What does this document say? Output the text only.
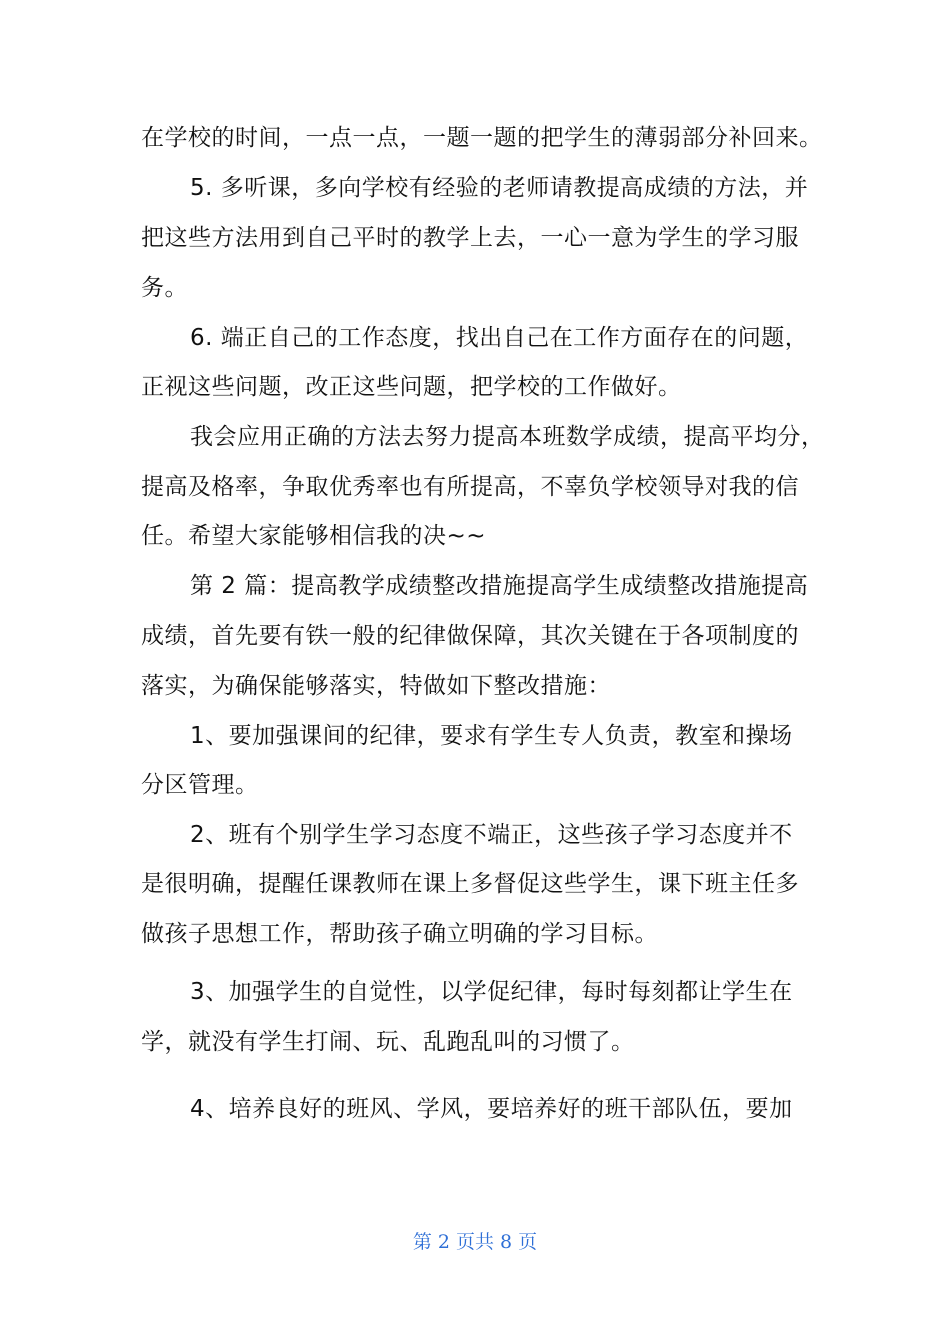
在学校的时间，一点一点，一题一题的把学生的薄弱部分补回来。
5. 多听课，多向学校有经验的老师请教提高成绩的方法，并
把这些方法用到自己平时的教学上去，一心一意为学生的学习服
务。
6. 端正自己的工作态度，找出自己在工作方面存在的问题，
正视这些问题，改正这些问题，把学校的工作做好。
我会应用正确的方法去努力提高本班数学成绩，提高平均分，
提高及格率，争取优秀率也有所提高，不辜负学校领导对我的信
任。希望大家能够相信我的决~~
第 2 篇：提高教学成绩整改措施提高学生成绩整改措施提高
成绩，首先要有铁一般的纪律做保障，其次关键在于各项制度的
落实，为确保能够落实，特做如下整改措施：
1、要加强课间的纪律，要求有学生专人负责，教室和操场
分区管理。
2、班有个别学生学习态度不端正，这些孩子学习态度并不
是很明确，提醒任课教师在课上多督促这些学生，课下班主任多
做孩子思想工作，帮助孩子确立明确的学习目标。
3、加强学生的自觉性，以学促纪律，每时每刻都让学生在
学，就没有学生打闹、玩、乱跑乱叫的习惯了。
4、培养良好的班风、学风，要培养好的班干部队伍，要加
第 2 页共 8 页
